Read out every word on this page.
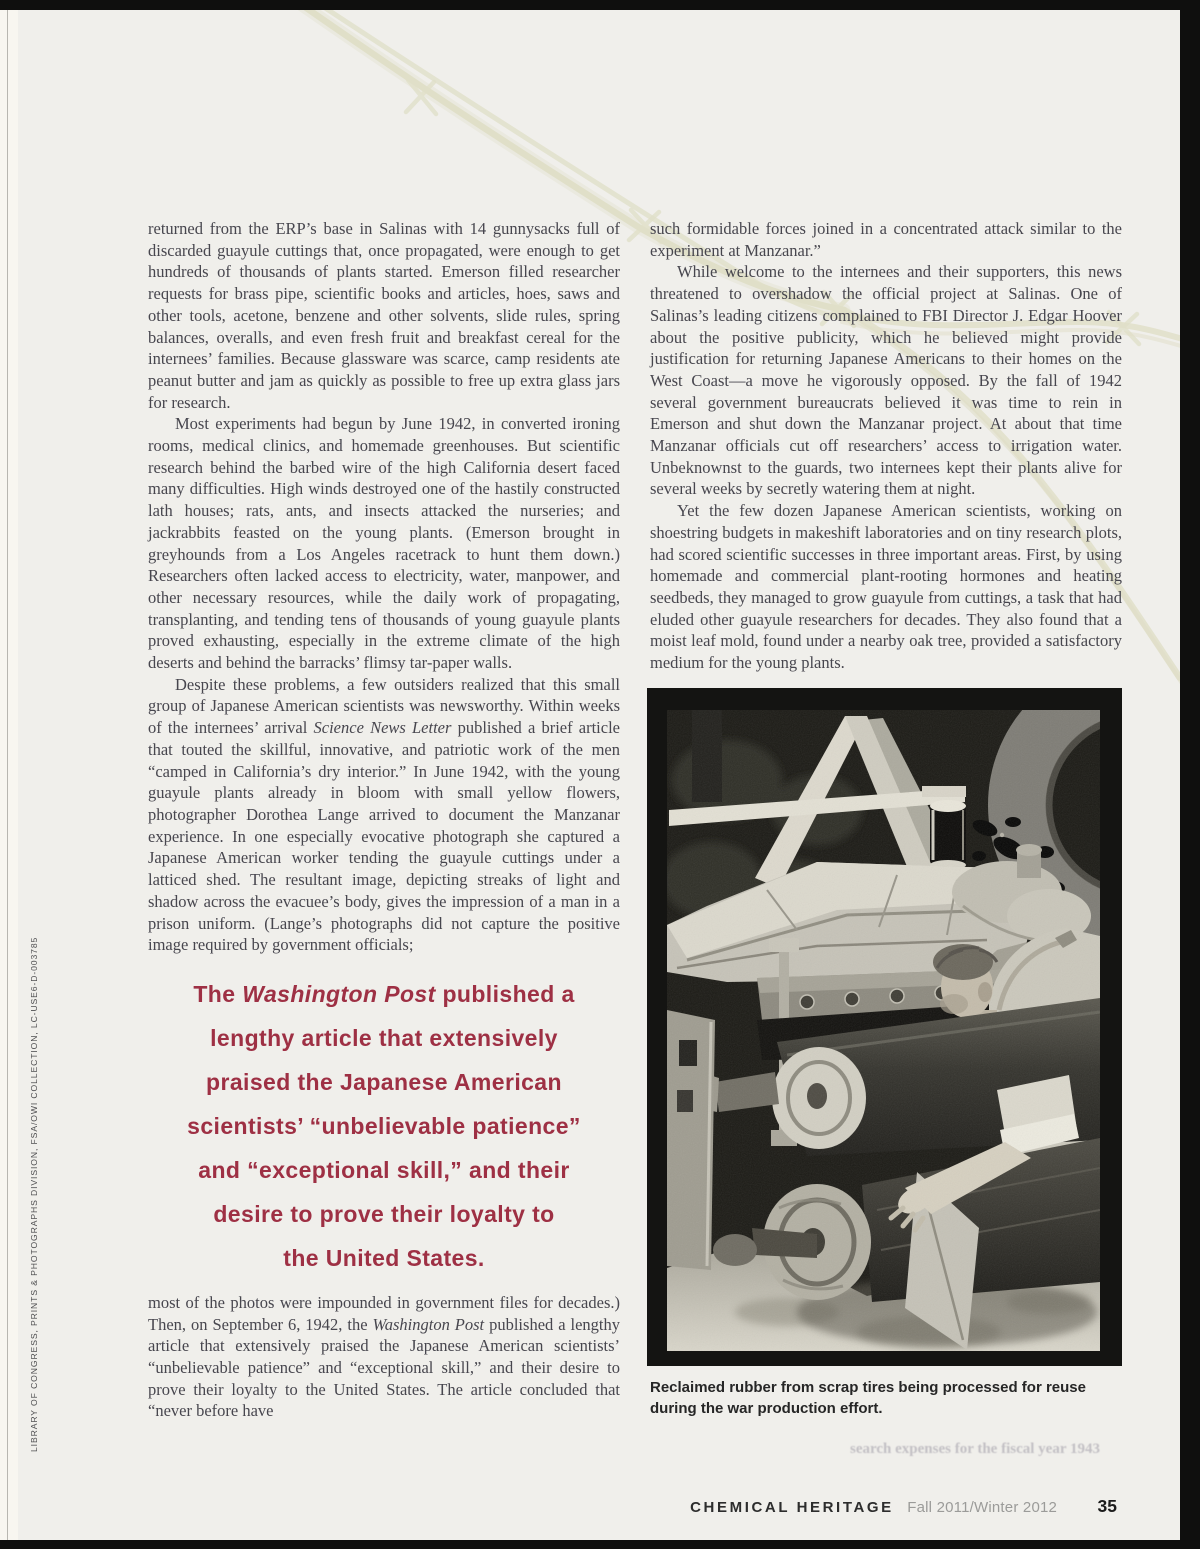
LIBRARY OF CONGRESS, PRINTS & PHOTOGRAPHS DIVISION, FSA/OWI COLLECTION, LC-USE6-D-003785

returned from the ERP’s base in Salinas with 14 gunnysacks full of discarded guayule cuttings that, once propagated, were enough to get hundreds of thousands of plants started. Emerson filled researcher requests for brass pipe, scientific books and articles, hoes, saws and other tools, acetone, benzene and other solvents, slide rules, spring balances, overalls, and even fresh fruit and breakfast cereal for the internees’ families. Because glassware was scarce, camp residents ate peanut butter and jam as quickly as possible to free up extra glass jars for research.

Most experiments had begun by June 1942, in converted ironing rooms, medical clinics, and homemade greenhouses. But scientific research behind the barbed wire of the high California desert faced many difficulties. High winds destroyed one of the hastily constructed lath houses; rats, ants, and insects attacked the nurseries; and jackrabbits feasted on the young plants. (Emerson brought in greyhounds from a Los Angeles racetrack to hunt them down.) Researchers often lacked access to electricity, water, manpower, and other necessary resources, while the daily work of propagating, transplanting, and tending tens of thousands of young guayule plants proved exhausting, especially in the extreme climate of the high deserts and behind the barracks’ flimsy tar-paper walls.

Despite these problems, a few outsiders realized that this small group of Japanese American scientists was newsworthy. Within weeks of the internees’ arrival Science News Letter published a brief article that touted the skillful, innovative, and patriotic work of the men “camped in California’s dry interior.” In June 1942, with the young guayule plants already in bloom with small yellow flowers, photographer Dorothea Lange arrived to document the Manzanar experience. In one especially evocative photograph she captured a Japanese American worker tending the guayule cuttings under a latticed shed. The resultant image, depicting streaks of light and shadow across the evacuee’s body, gives the impression of a man in a prison uniform. (Lange’s photographs did not capture the positive image required by government officials;

The Washington Post published a
lengthy article that extensively
praised the Japanese American
scientists’ “unbelievable patience”
and “exceptional skill,” and their
desire to prove their loyalty to
the United States.

most of the photos were impounded in government files for decades.) Then, on September 6, 1942, the Washington Post published a lengthy article that extensively praised the Japanese American scientists’ “unbelievable patience” and “exceptional skill,” and their desire to prove their loyalty to the United States. The article concluded that “never before have

such formidable forces joined in a concentrated attack similar to the experiment at Manzanar.”

While welcome to the internees and their supporters, this news threatened to overshadow the official project at Salinas. One of Salinas’s leading citizens complained to FBI Director J. Edgar Hoover about the positive publicity, which he believed might provide justification for returning Japanese Americans to their homes on the West Coast—a move he vigorously opposed. By the fall of 1942 several government bureaucrats believed it was time to rein in Emerson and shut down the Manzanar project. At about that time Manzanar officials cut off researchers’ access to irrigation water. Unbeknownst to the guards, two internees kept their plants alive for several weeks by secretly watering them at night.

Yet the few dozen Japanese American scientists, working on shoestring budgets in makeshift laboratories and on tiny research plots, had scored scientific successes in three important areas. First, by using homemade and commercial plant-rooting hormones and heating seedbeds, they managed to grow guayule from cuttings, a task that had eluded other guayule researchers for decades. They also found that a moist leaf mold, found under a nearby oak tree, provided a satisfactory medium for the young plants.

Reclaimed rubber from scrap tires being processed for reuse during the war production effort.
search expenses for the fiscal year 1943
CHEMICAL HERITAGE Fall 2011/Winter 2012 35
